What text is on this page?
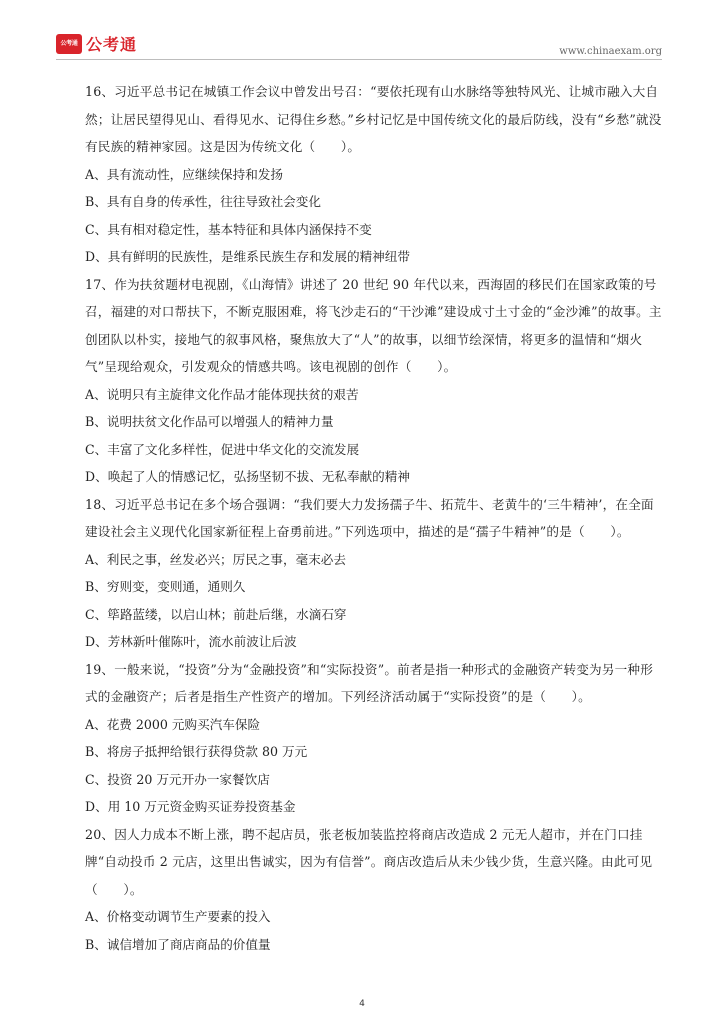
公考通 公考通	www.chinaexam.org

16、习近平总书记在城镇工作会议中曾发出号召：“要依托现有山水脉络等独特风光、让城市融入大自然；让居民望得见山、看得见水、记得住乡愁。”乡村记忆是中国传统文化的最后防线，没有“乡愁”就没有民族的精神家园。这是因为传统文化（　　）。

A、具有流动性，应继续保持和发扬

B、具有自身的传承性，往往导致社会变化

C、具有相对稳定性，基本特征和具体内涵保持不变

D、具有鲜明的民族性，是维系民族生存和发展的精神纽带

17、作为扶贫题材电视剧，《山海情》讲述了 20 世纪 90 年代以来，西海固的移民们在国家政策的号召，福建的对口帮扶下，不断克服困难，将飞沙走石的“干沙滩”建设成寸土寸金的“金沙滩”的故事。主创团队以朴实，接地气的叙事风格，聚焦放大了“人”的故事，以细节绘深情，将更多的温情和“烟火气”呈现给观众，引发观众的情感共鸣。该电视剧的创作（　　）。

A、说明只有主旋律文化作品才能体现扶贫的艰苦

B、说明扶贫文化作品可以增强人的精神力量

C、丰富了文化多样性，促进中华文化的交流发展

D、唤起了人的情感记忆，弘扬坚韧不拔、无私奉献的精神

18、习近平总书记在多个场合强调：“我们要大力发扬孺子牛、拓荒牛、老黄牛的‘三牛精神’，在全面建设社会主义现代化国家新征程上奋勇前进。”下列选项中，描述的是“孺子牛精神”的是（　　）。

A、利民之事，丝发必兴；厉民之事，毫末必去

B、穷则变，变则通，通则久

C、筚路蓝缕，以启山林；前赴后继，水滴石穿

D、芳林新叶催陈叶，流水前波让后波

19、一般来说，“投资”分为“金融投资”和“实际投资”。前者是指一种形式的金融资产转变为另一种形式的金融资产；后者是指生产性资产的增加。下列经济活动属于“实际投资”的是（　　）。

A、花费 2000 元购买汽车保险

B、将房子抵押给银行获得贷款 80 万元

C、投资 20 万元开办一家餐饮店

D、用 10 万元资金购买证券投资基金

20、因人力成本不断上涨，聘不起店员，张老板加装监控将商店改造成 2 元无人超市，并在门口挂牌“自动投币 2 元店，这里出售诚实，因为有信誉”。商店改造后从未少钱少货，生意兴隆。由此可见（　　）。

A、价格变动调节生产要素的投入

B、诚信增加了商店商品的价值量

4
